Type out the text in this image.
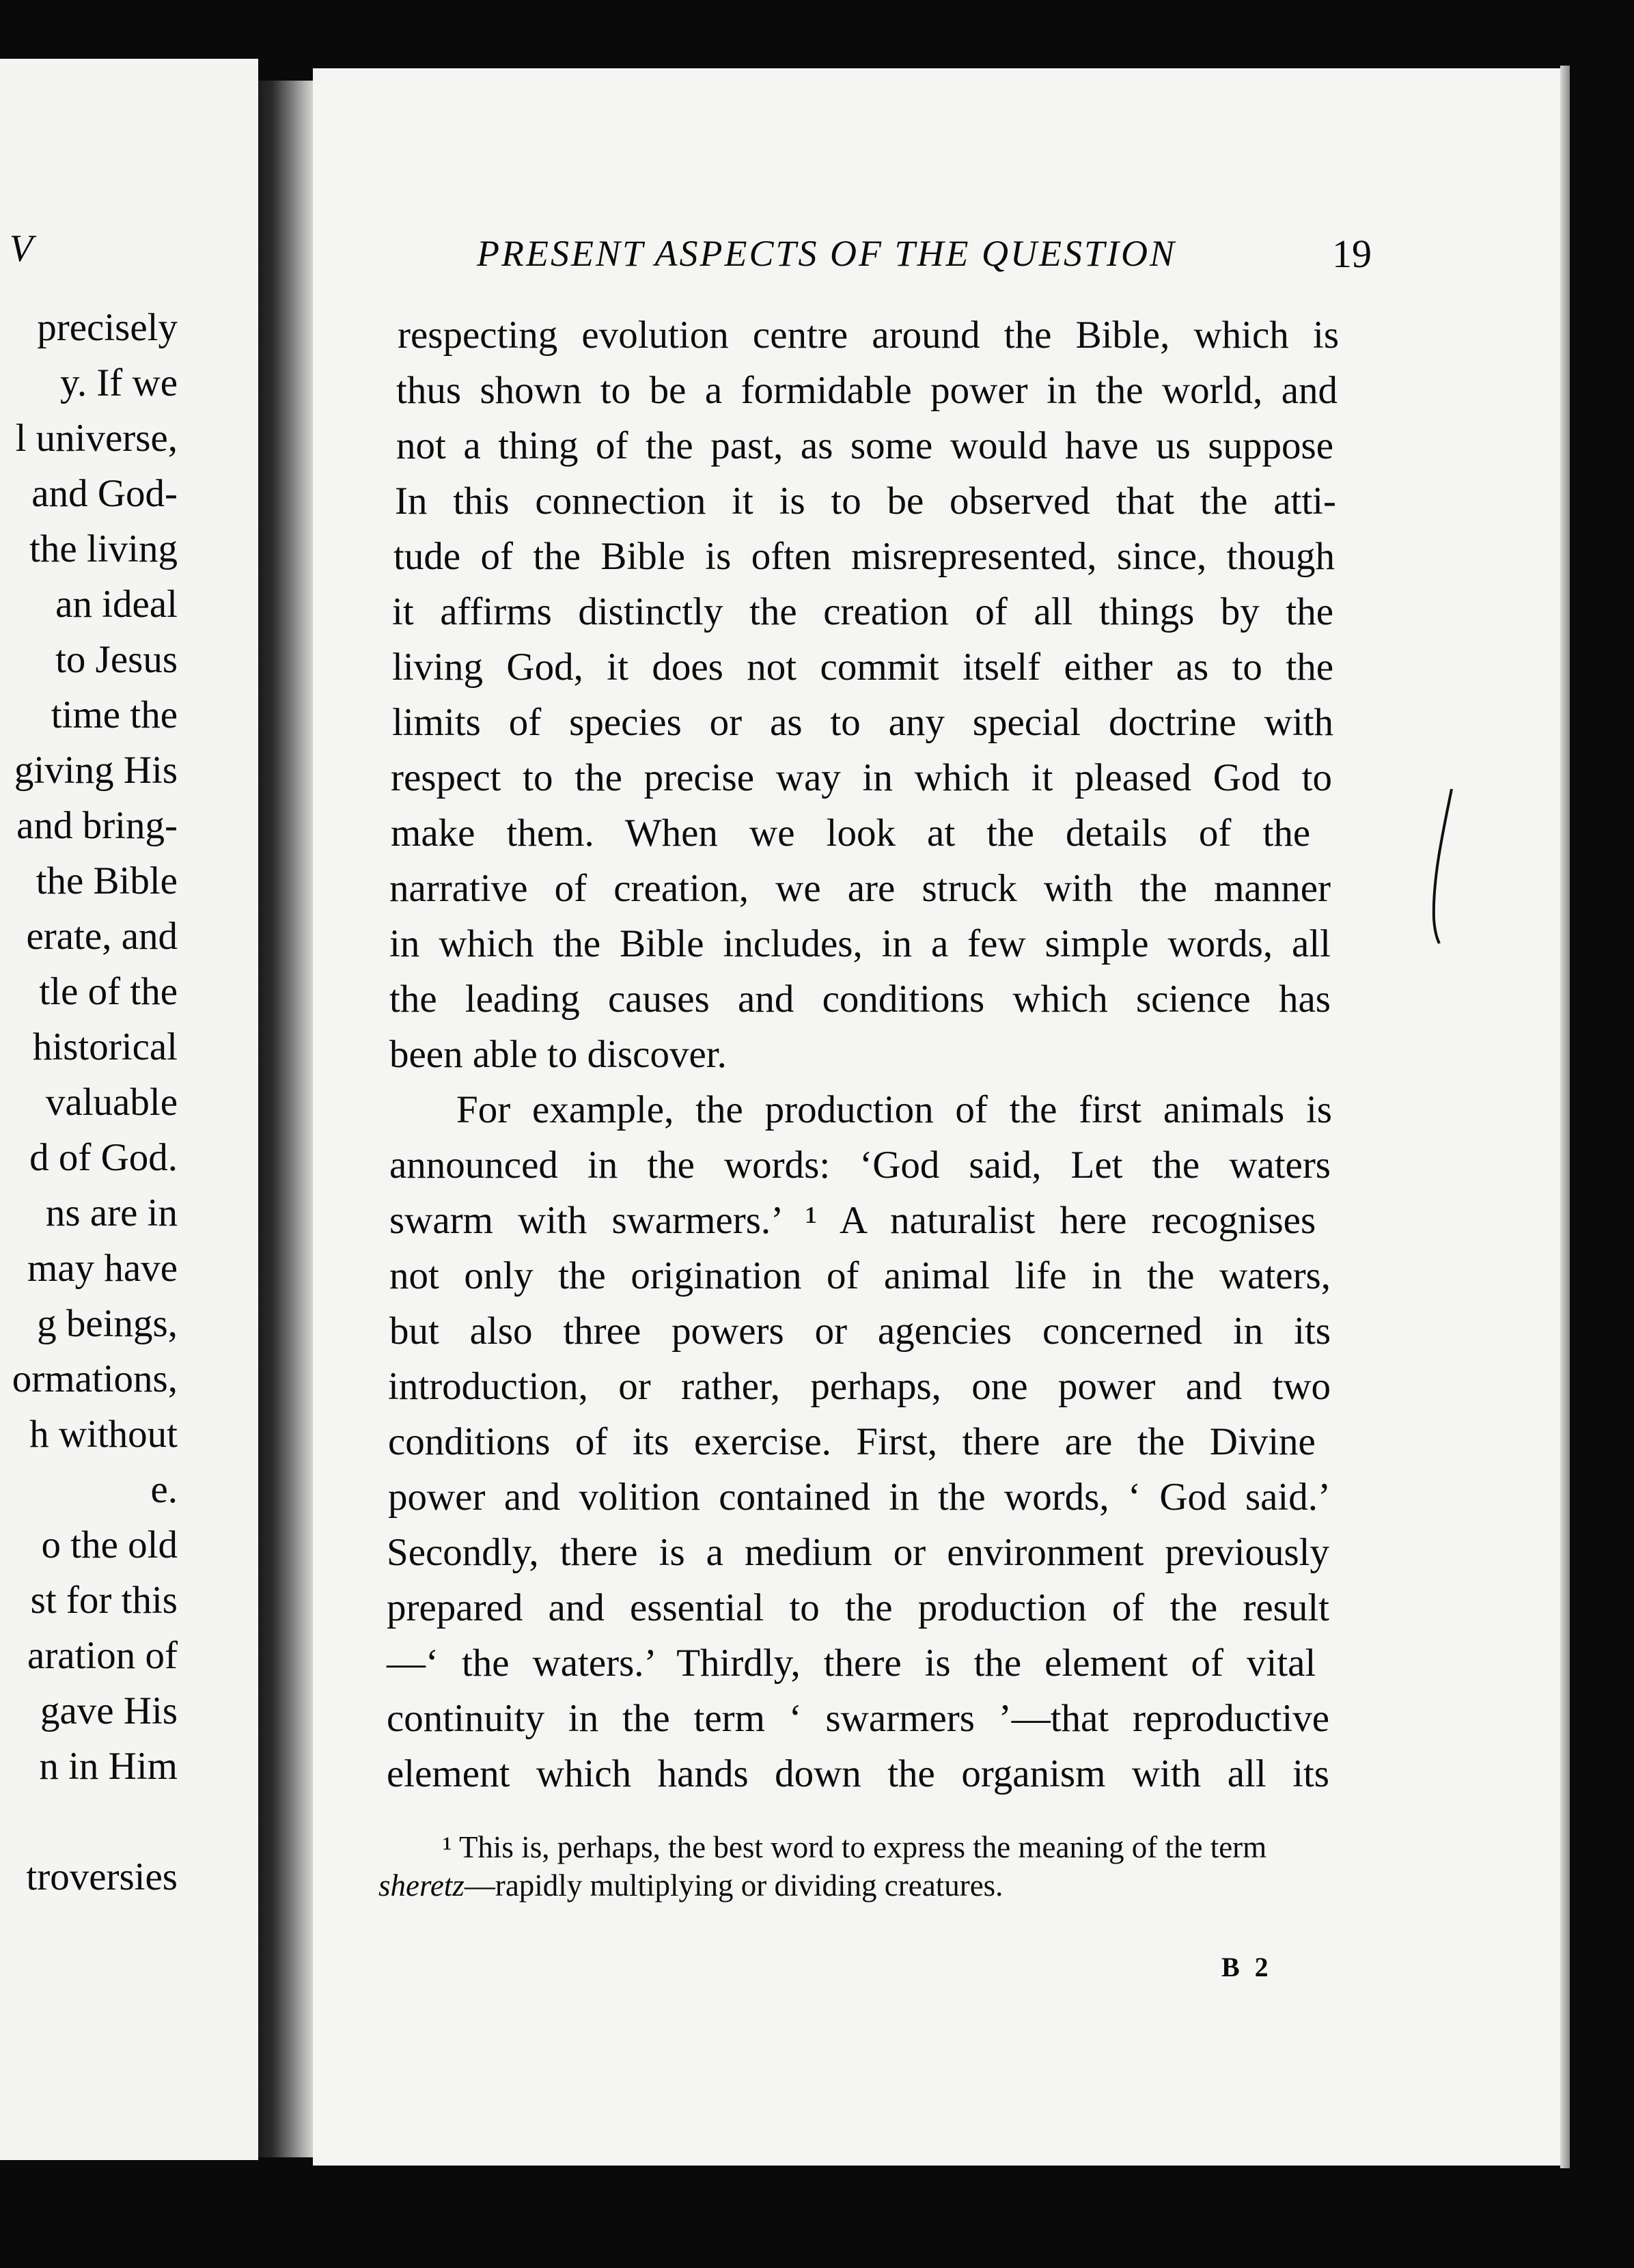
V
precisely
y. If we
l universe,
and God-
the living
an ideal
to Jesus
time the
giving His
and bring-
the Bible
erate, and
tle of the
historical
valuable
d of God.
ns are in
may have
g beings,
ormations,
h without
e.
o the old
st for this
aration of
gave His
n in Him
troversies
PRESENT ASPECTS OF THE QUESTION	19
respecting evolution centre around the Bible, which is
thus shown to be a formidable power in the world, and
not a thing of the past, as some would have us suppose
In this connection it is to be observed that the atti-
tude of the Bible is often misrepresented, since, though
it affirms distinctly the creation of all things by the
living God, it does not commit itself either as to the
limits of species or as to any special doctrine with
respect to the precise way in which it pleased God to
make them. When we look at the details of the
narrative of creation, we are struck with the manner
in which the Bible includes, in a few simple words, all
the leading causes and conditions which science has
been able to discover.
For example, the production of the first animals is
announced in the words: ‘God said, Let the waters
swarm with swarmers.’ ¹ A naturalist here recognises
not only the origination of animal life in the waters,
but also three powers or agencies concerned in its
introduction, or rather, perhaps, one power and two
conditions of its exercise. First, there are the Divine
power and volition contained in the words, ‘ God said.’
Secondly, there is a medium or environment previously
prepared and essential to the production of the result
—‘ the waters.’ Thirdly, there is the element of vital
continuity in the term ‘ swarmers ’—that reproductive
element which hands down the organism with all its
¹ This is, perhaps, the best word to express the meaning of the term
sheretz—rapidly multiplying or dividing creatures.
B 2
